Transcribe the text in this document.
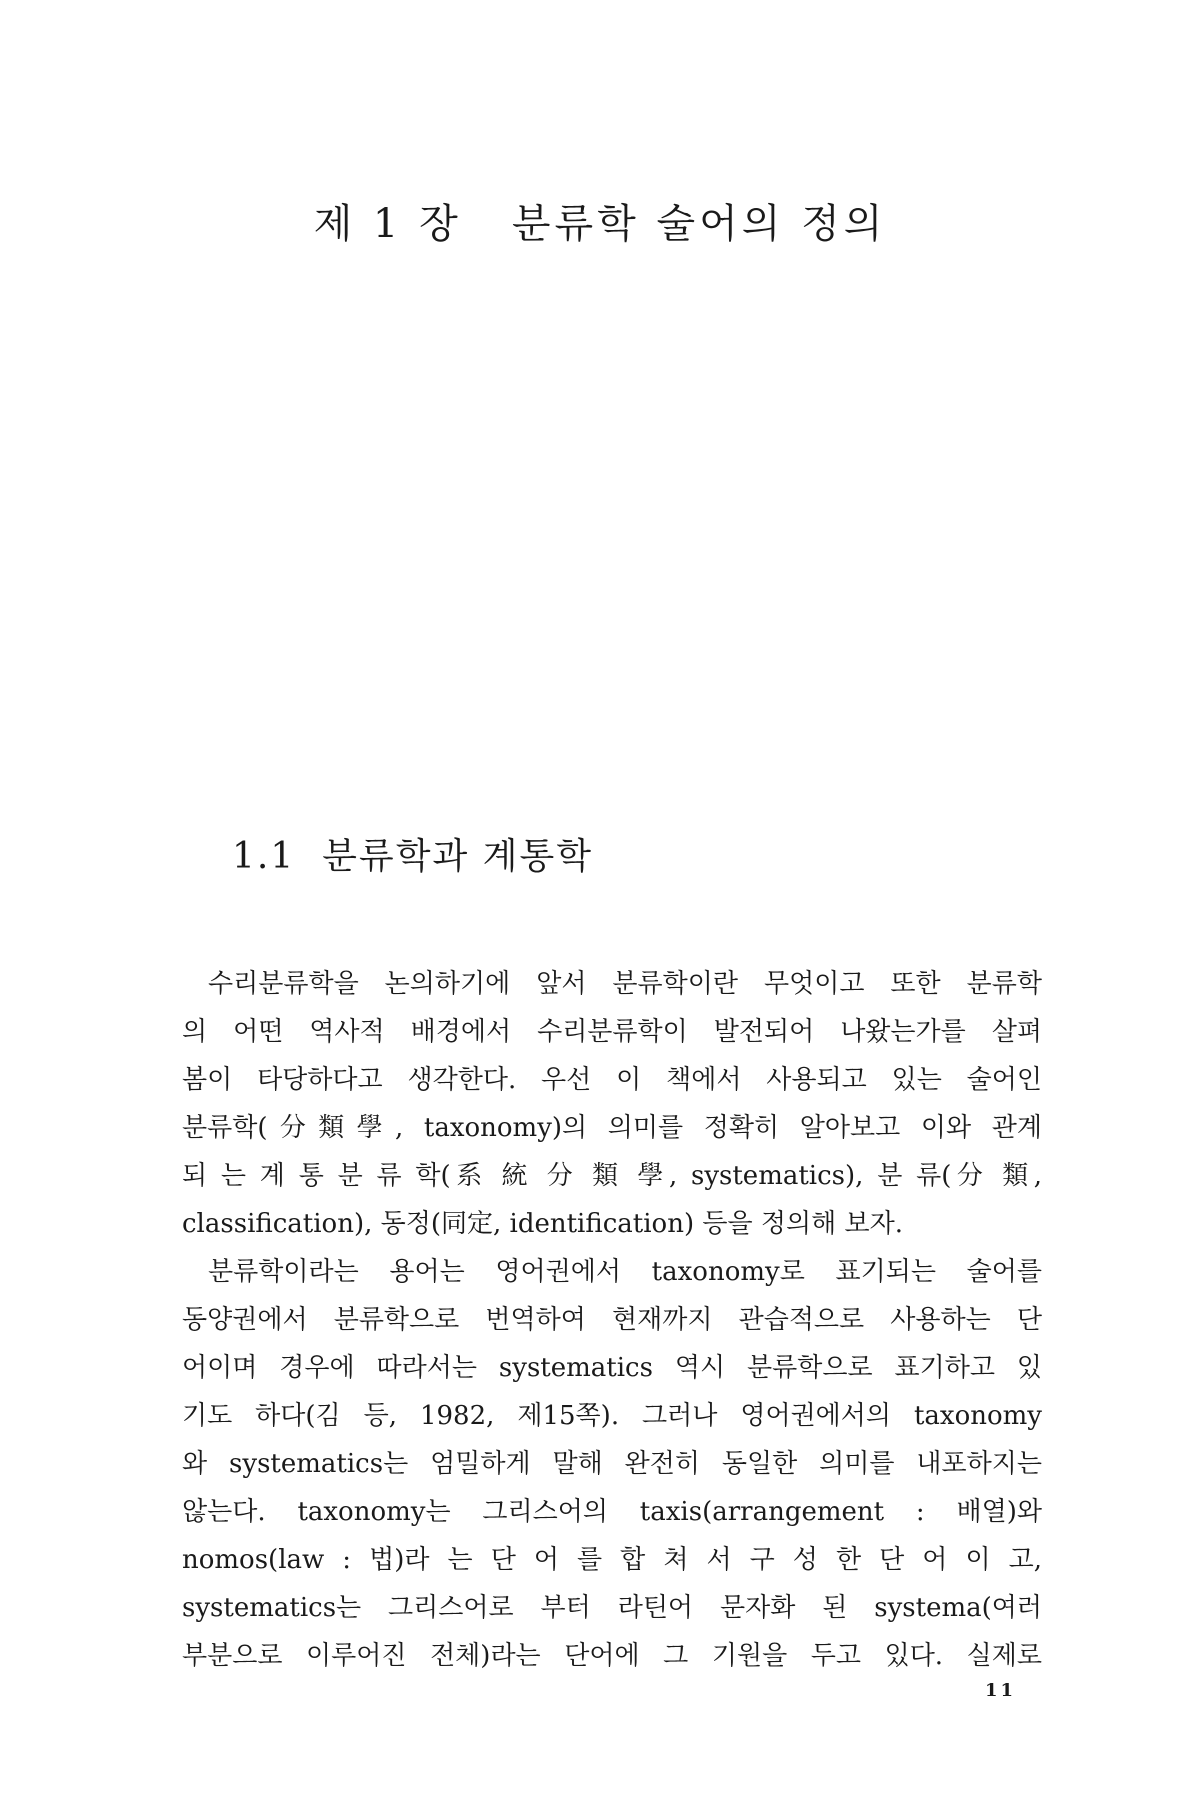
제 1 장   분류학 술어의 정의
1.1  분류학과 계통학
수리분류학을 논의하기에 앞서 분류학이란 무엇이고 또한 분류학
의 어떤 역사적 배경에서 수리분류학이 발전되어 나왔는가를 살펴
봄이 타당하다고 생각한다. 우선 이 책에서 사용되고 있는 술어인
분류학(分類學, taxonomy)의 의미를 정확히 알아보고 이와 관계
되 는 계 통 분 류 학(系 統 分 類 學, systematics), 분 류(分 類,
classification), 동정(同定, identification) 등을 정의해 보자.
분류학이라는 용어는 영어권에서 taxonomy로 표기되는 술어를
동양권에서 분류학으로 번역하여 현재까지 관습적으로 사용하는 단
어이며 경우에 따라서는 systematics 역시 분류학으로 표기하고 있
기도 하다(김 등, 1982, 제15쪽). 그러나 영어권에서의 taxonomy
와 systematics는 엄밀하게 말해 완전히 동일한 의미를 내포하지는
않는다. taxonomy는 그리스어의 taxis(arrangement : 배열)와
nomos(law : 법)라 는 단 어 를 합 쳐 서 구 성 한 단 어 이 고,
systematics는 그리스어로 부터 라틴어 문자화 된 systema(여러
부분으로 이루어진 전체)라는 단어에 그 기원을 두고 있다. 실제로
11
